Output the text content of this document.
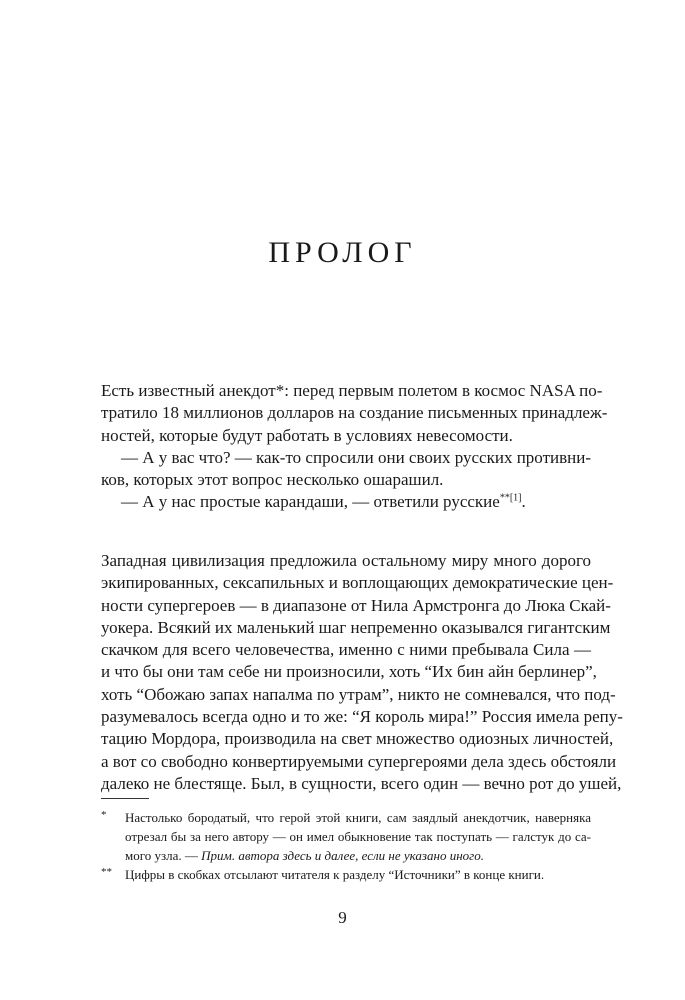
ПРОЛОГ
Есть известный анекдот*: перед первым полетом в космос NASA по-
тратило 18 миллионов долларов на создание письменных принадлеж-
ностей, которые будут работать в условиях невесомости.
— А у вас что? — как-то спросили они своих русских противни-
ков, которых этот вопрос несколько ошарашил.
— А у нас простые карандаши, — ответили русские$^{**[1]}$.
Западная цивилизация предложила остальному миру много дорого
экипированных, сексапильных и воплощающих демократические цен-
ности супергероев — в диапазоне от Нила Армстронга до Люка Скай-
уокера. Всякий их маленький шаг непременно оказывался гигантским
скачком для всего человечества, именно с ними пребывала Сила —
и что бы они там себе ни произносили, хоть “Их бин айн берлинер”,
хоть “Обожаю запах напалма по утрам”, никто не сомневался, что под-
разумевалось всегда одно и то же: “Я король мира!” Россия имела репу-
тацию Мордора, производила на свет множество одиозных личностей,
а вот со свободно конвертируемыми супергероями дела здесь обстояли
далеко не блестяще. Был, в сущности, всего один — вечно рот до ушей,
* Настолько бородатый, что герой этой книги, сам заядлый анекдотчик, наверняка
отрезал бы за него автору — он имел обыкновение так поступать — галстук до са-
мого узла. — Прим. автора здесь и далее, если не указано иного.
** Цифры в скобках отсылают читателя к разделу “Источники” в конце книги.
9
